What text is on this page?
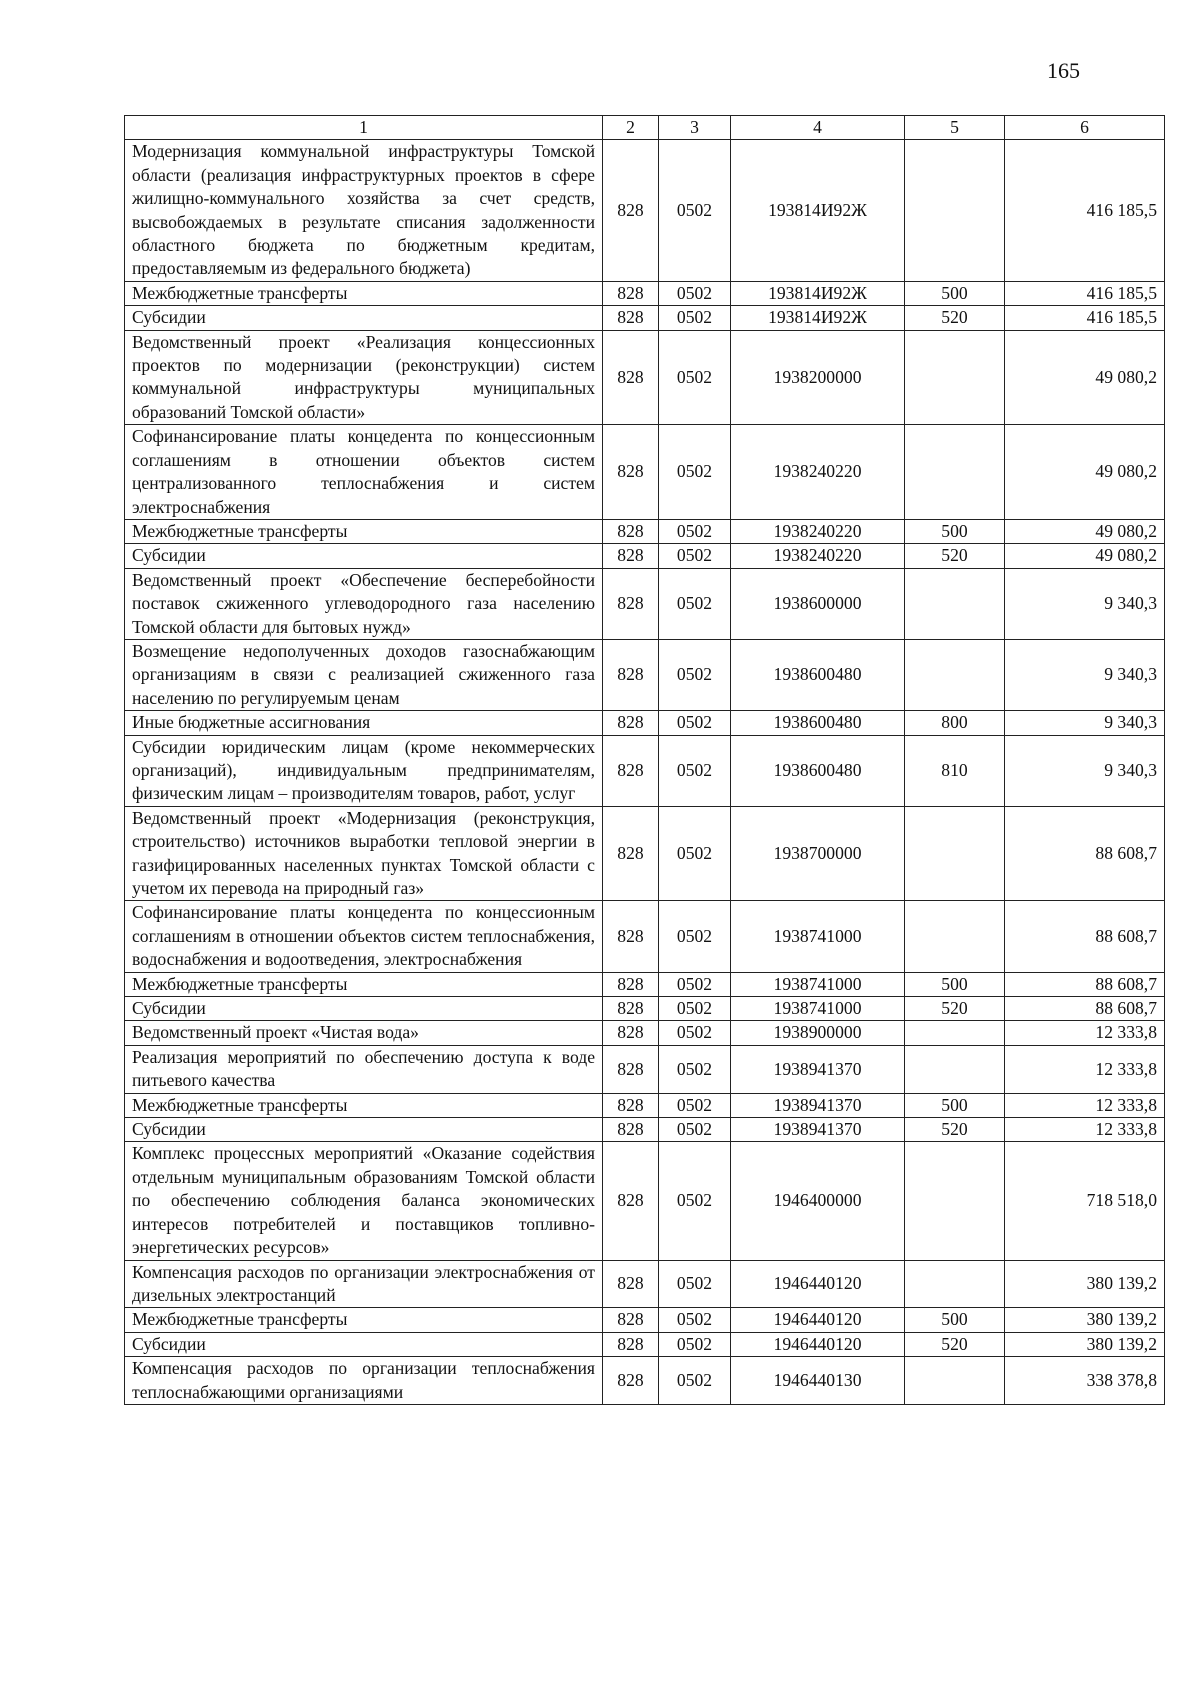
165
1	2	3	4	5	6
Модернизация коммунальной инфраструктуры Томской области (реализация инфраструктурных проектов в сфере жилищно-коммунального хозяйства за счет средств, высвобождаемых в результате списания задолженности областного бюджета по бюджетным кредитам, предоставляемым из федерального бюджета)	828	0502	193814И92Ж		416 185,5
Межбюджетные трансферты	828	0502	193814И92Ж	500	416 185,5
Субсидии	828	0502	193814И92Ж	520	416 185,5
Ведомственный проект «Реализация концессионных проектов по модернизации (реконструкции) систем коммунальной инфраструктуры муниципальных образований Томской области»	828	0502	1938200000		49 080,2
Софинансирование платы концедента по концессионным соглашениям в отношении объектов систем централизованного теплоснабжения и систем электроснабжения	828	0502	1938240220		49 080,2
Межбюджетные трансферты	828	0502	1938240220	500	49 080,2
Субсидии	828	0502	1938240220	520	49 080,2
Ведомственный проект «Обеспечение бесперебойности поставок сжиженного углеводородного газа населению Томской области для бытовых нужд»	828	0502	1938600000		9 340,3
Возмещение недополученных доходов газоснабжающим организациям в связи с реализацией сжиженного газа населению по регулируемым ценам	828	0502	1938600480		9 340,3
Иные бюджетные ассигнования	828	0502	1938600480	800	9 340,3
Субсидии юридическим лицам (кроме некоммерческих организаций), индивидуальным предпринимателям, физическим лицам – производителям товаров, работ, услуг	828	0502	1938600480	810	9 340,3
Ведомственный проект «Модернизация (реконструкция, строительство) источников выработки тепловой энергии в газифицированных населенных пунктах Томской области с учетом их перевода на природный газ»	828	0502	1938700000		88 608,7
Софинансирование платы концедента по концессионным соглашениям в отношении объектов систем теплоснабжения, водоснабжения и водоотведения, электроснабжения	828	0502	1938741000		88 608,7
Межбюджетные трансферты	828	0502	1938741000	500	88 608,7
Субсидии	828	0502	1938741000	520	88 608,7
Ведомственный проект «Чистая вода»	828	0502	1938900000		12 333,8
Реализация мероприятий по обеспечению доступа к воде питьевого качества	828	0502	1938941370		12 333,8
Межбюджетные трансферты	828	0502	1938941370	500	12 333,8
Субсидии	828	0502	1938941370	520	12 333,8
Комплекс процессных мероприятий «Оказание содействия отдельным муниципальным образованиям Томской области по обеспечению соблюдения баланса экономических интересов потребителей и поставщиков топливно-энергетических ресурсов»	828	0502	1946400000		718 518,0
Компенсация расходов по организации электроснабжения от дизельных электростанций	828	0502	1946440120		380 139,2
Межбюджетные трансферты	828	0502	1946440120	500	380 139,2
Субсидии	828	0502	1946440120	520	380 139,2
Компенсация расходов по организации теплоснабжения теплоснабжающими организациями	828	0502	1946440130		338 378,8
